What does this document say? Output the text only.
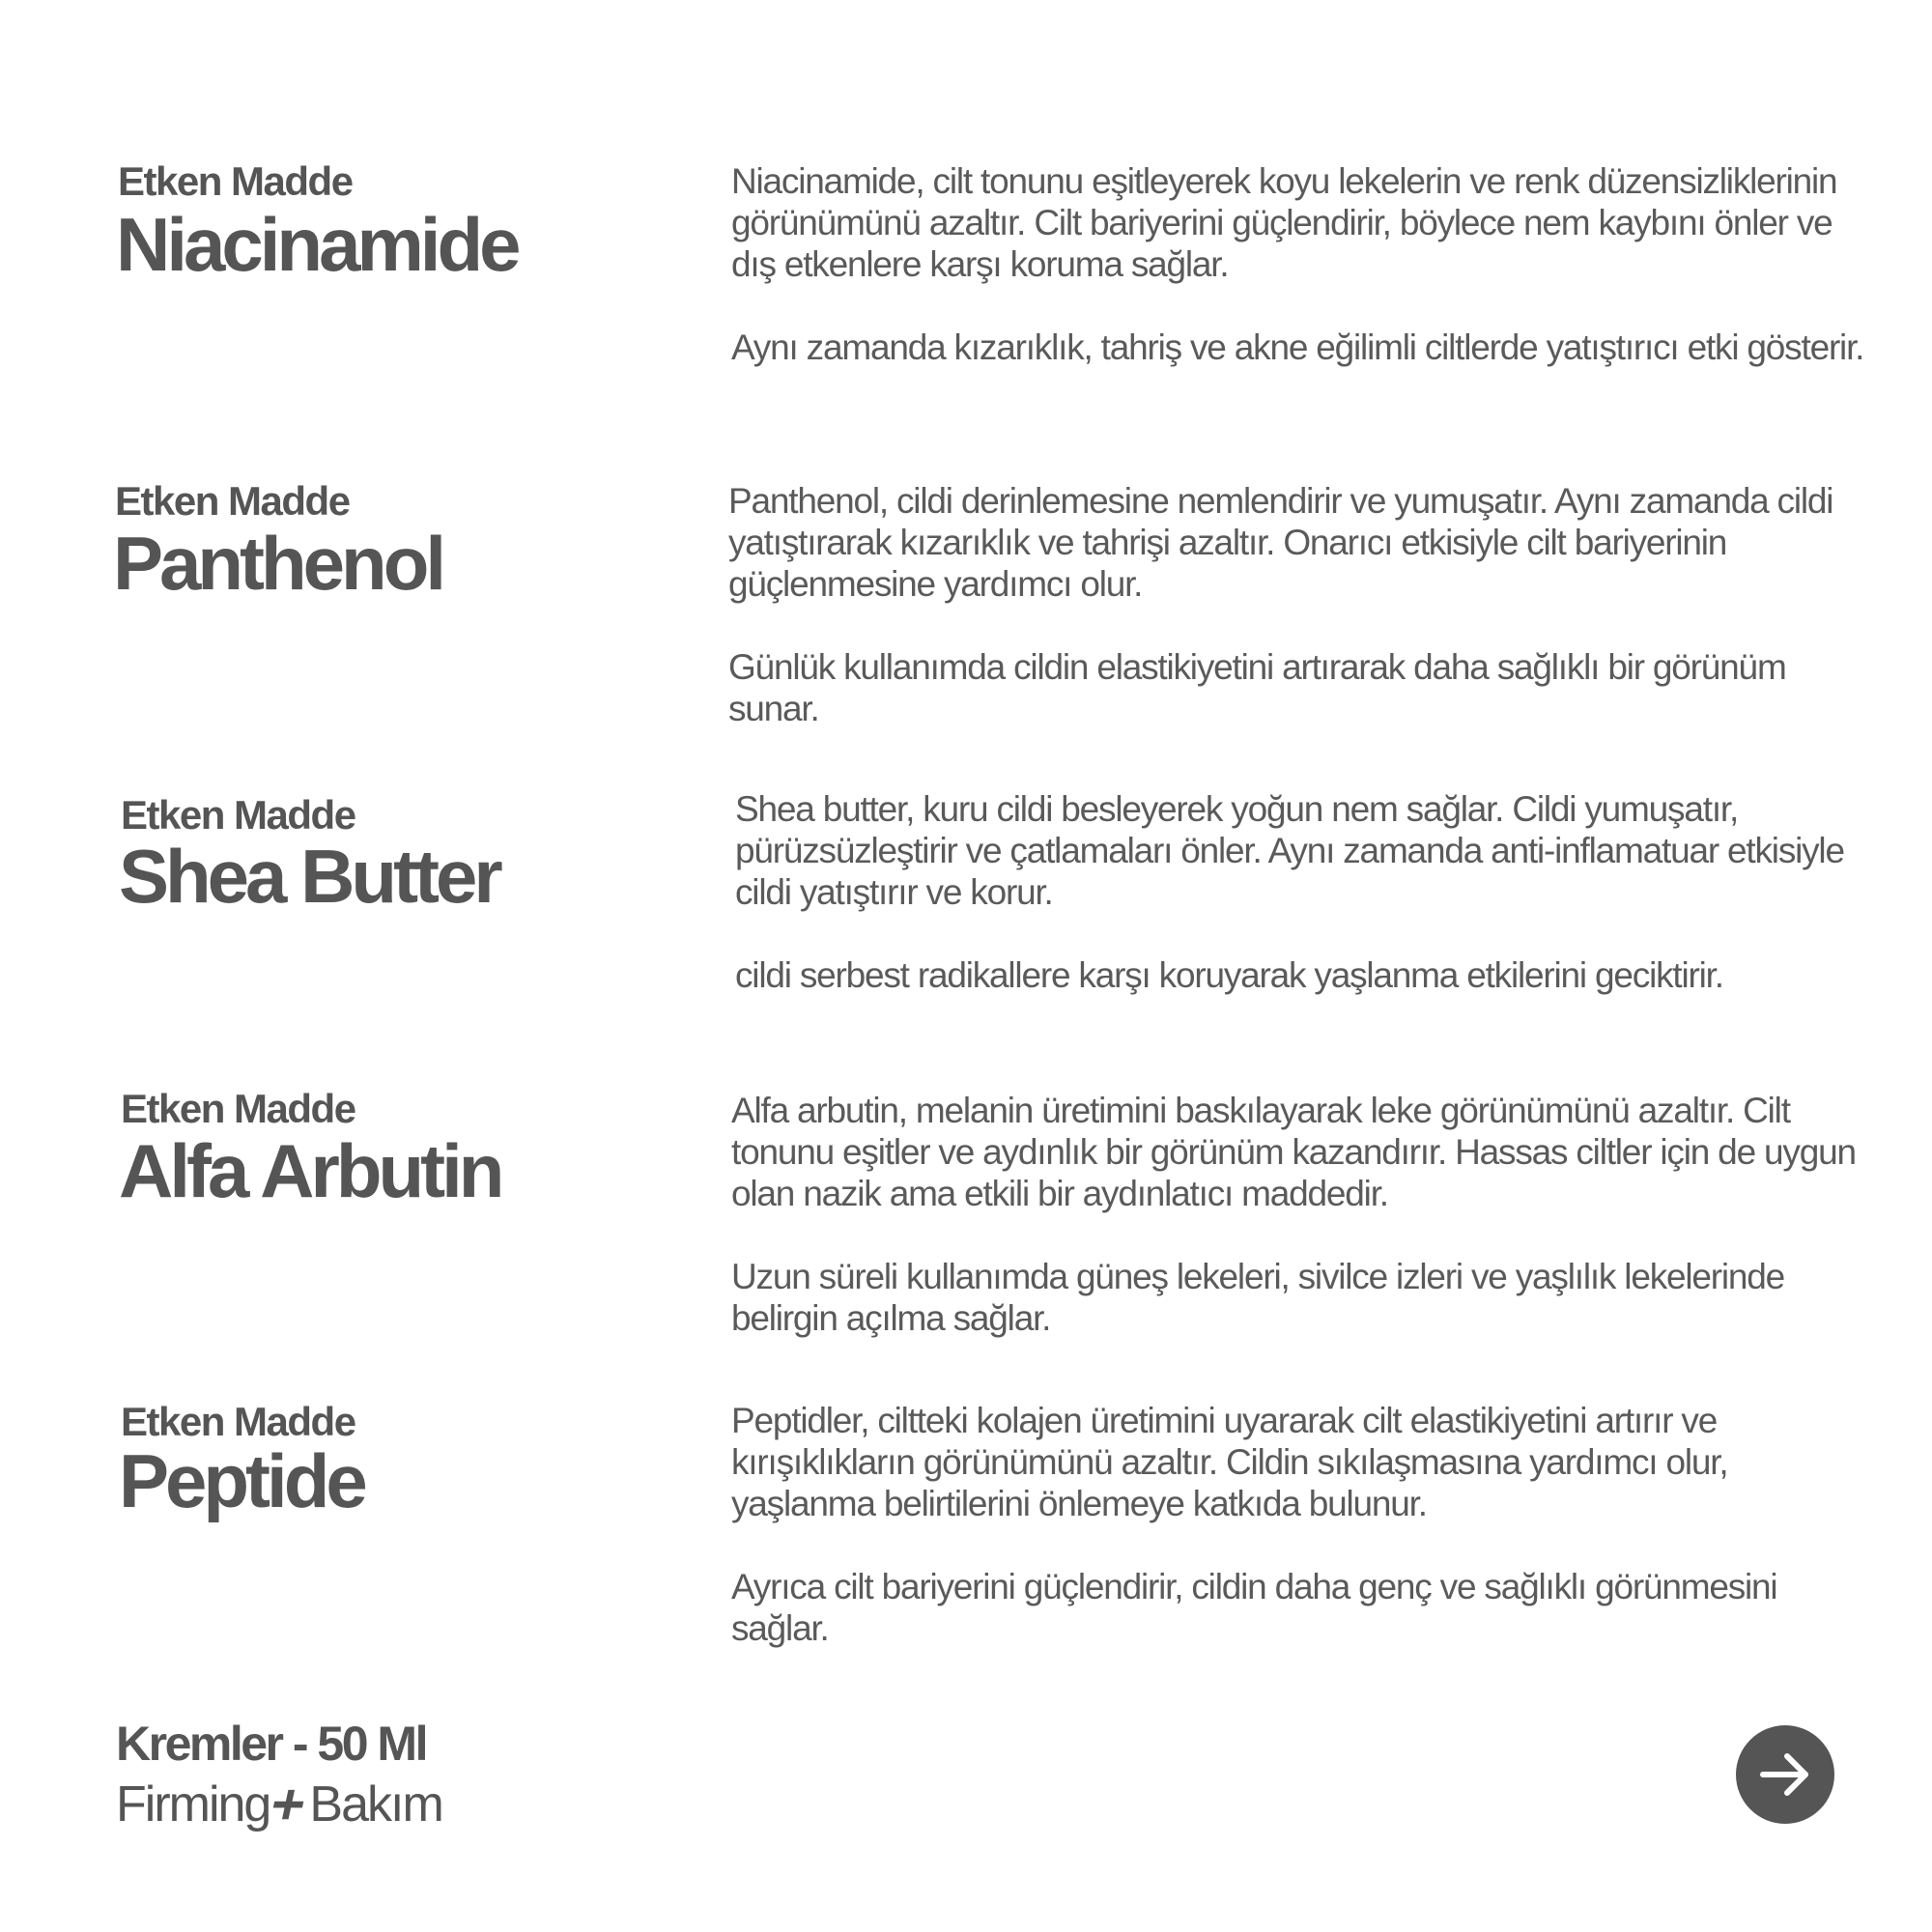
Etken Madde
Niacinamide

Niacinamide, cilt tonunu eşitleyerek koyu lekelerin ve renk düzensizliklerinin görünümünü azaltır. Cilt bariyerini güçlendirir, böylece nem kaybını önler ve dış etkenlere karşı koruma sağlar.

Aynı zamanda kızarıklık, tahriş ve akne eğilimli ciltlerde yatıştırıcı etki gösterir.

Etken Madde
Panthenol

Panthenol, cildi derinlemesine nemlendirir ve yumuşatır. Aynı zamanda cildi yatıştırarak kızarıklık ve tahrişi azaltır. Onarıcı etkisiyle cilt bariyerinin güçlenmesine yardımcı olur.

Günlük kullanımda cildin elastikiyetini artırarak daha sağlıklı bir görünüm sunar.

Etken Madde
Shea Butter

Shea butter, kuru cildi besleyerek yoğun nem sağlar. Cildi yumuşatır, pürüzsüzleştirir ve çatlamaları önler. Aynı zamanda anti-inflamatuar etkisiyle cildi yatıştırır ve korur.

cildi serbest radikallere karşı koruyarak yaşlanma etkilerini geciktirir.

Etken Madde
Alfa Arbutin

Alfa arbutin, melanin üretimini baskılayarak leke görünümünü azaltır. Cilt tonunu eşitler ve aydınlık bir görünüm kazandırır. Hassas ciltler için de uygun olan nazik ama etkili bir aydınlatıcı maddedir.

Uzun süreli kullanımda güneş lekeleri, sivilce izleri ve yaşlılık lekelerinde belirgin açılma sağlar.

Etken Madde
Peptide

Peptidler, ciltteki kolajen üretimini uyararak cilt elastikiyetini artırır ve kırışıklıkların görünümünü azaltır. Cildin sıkılaşmasına yardımcı olur, yaşlanma belirtilerini önlemeye katkıda bulunur.

Ayrıca cilt bariyerini güçlendirir, cildin daha genç ve sağlıklı görünmesini sağlar.

Kremler - 50 Ml
Firming
+
Bakım
